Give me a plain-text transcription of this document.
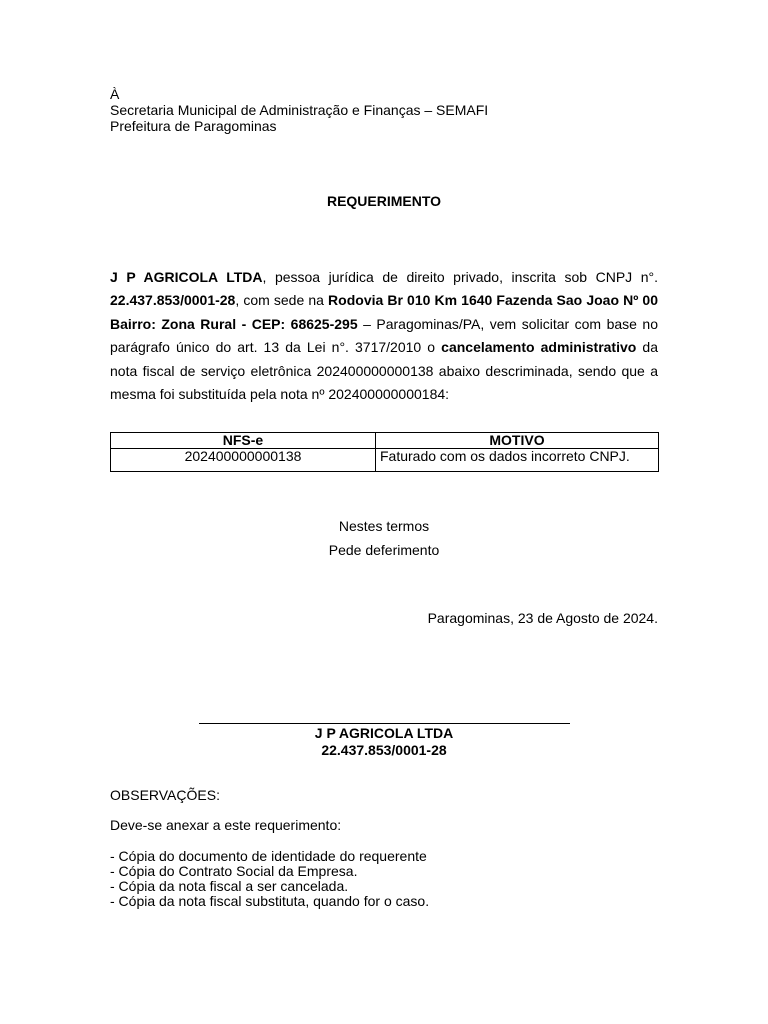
À
Secretaria Municipal de Administração e Finanças – SEMAFI
Prefeitura de Paragominas
REQUERIMENTO
J P AGRICOLA LTDA, pessoa jurídica de direito privado, inscrita sob CNPJ n°. 22.437.853/0001-28, com sede na Rodovia Br 010 Km 1640 Fazenda Sao Joao Nº 00 Bairro: Zona Rural - CEP: 68625-295 – Paragominas/PA, vem solicitar com base no parágrafo único do art. 13 da Lei n°. 3717/2010 o cancelamento administrativo da nota fiscal de serviço eletrônica 202400000000138 abaixo descriminada, sendo que a mesma foi substituída pela nota nº 202400000000184:
NFS-e	MOTIVO
202400000000138	Faturado com os dados incorreto CNPJ.
Nestes termos
Pede deferimento
Paragominas, 23 de Agosto de 2024.
J P AGRICOLA LTDA
22.437.853/0001-28
OBSERVAÇÕES:
Deve-se anexar a este requerimento:
- Cópia do documento de identidade do requerente
- Cópia do Contrato Social da Empresa.
- Cópia da nota fiscal a ser cancelada.
- Cópia da nota fiscal substituta, quando for o caso.
